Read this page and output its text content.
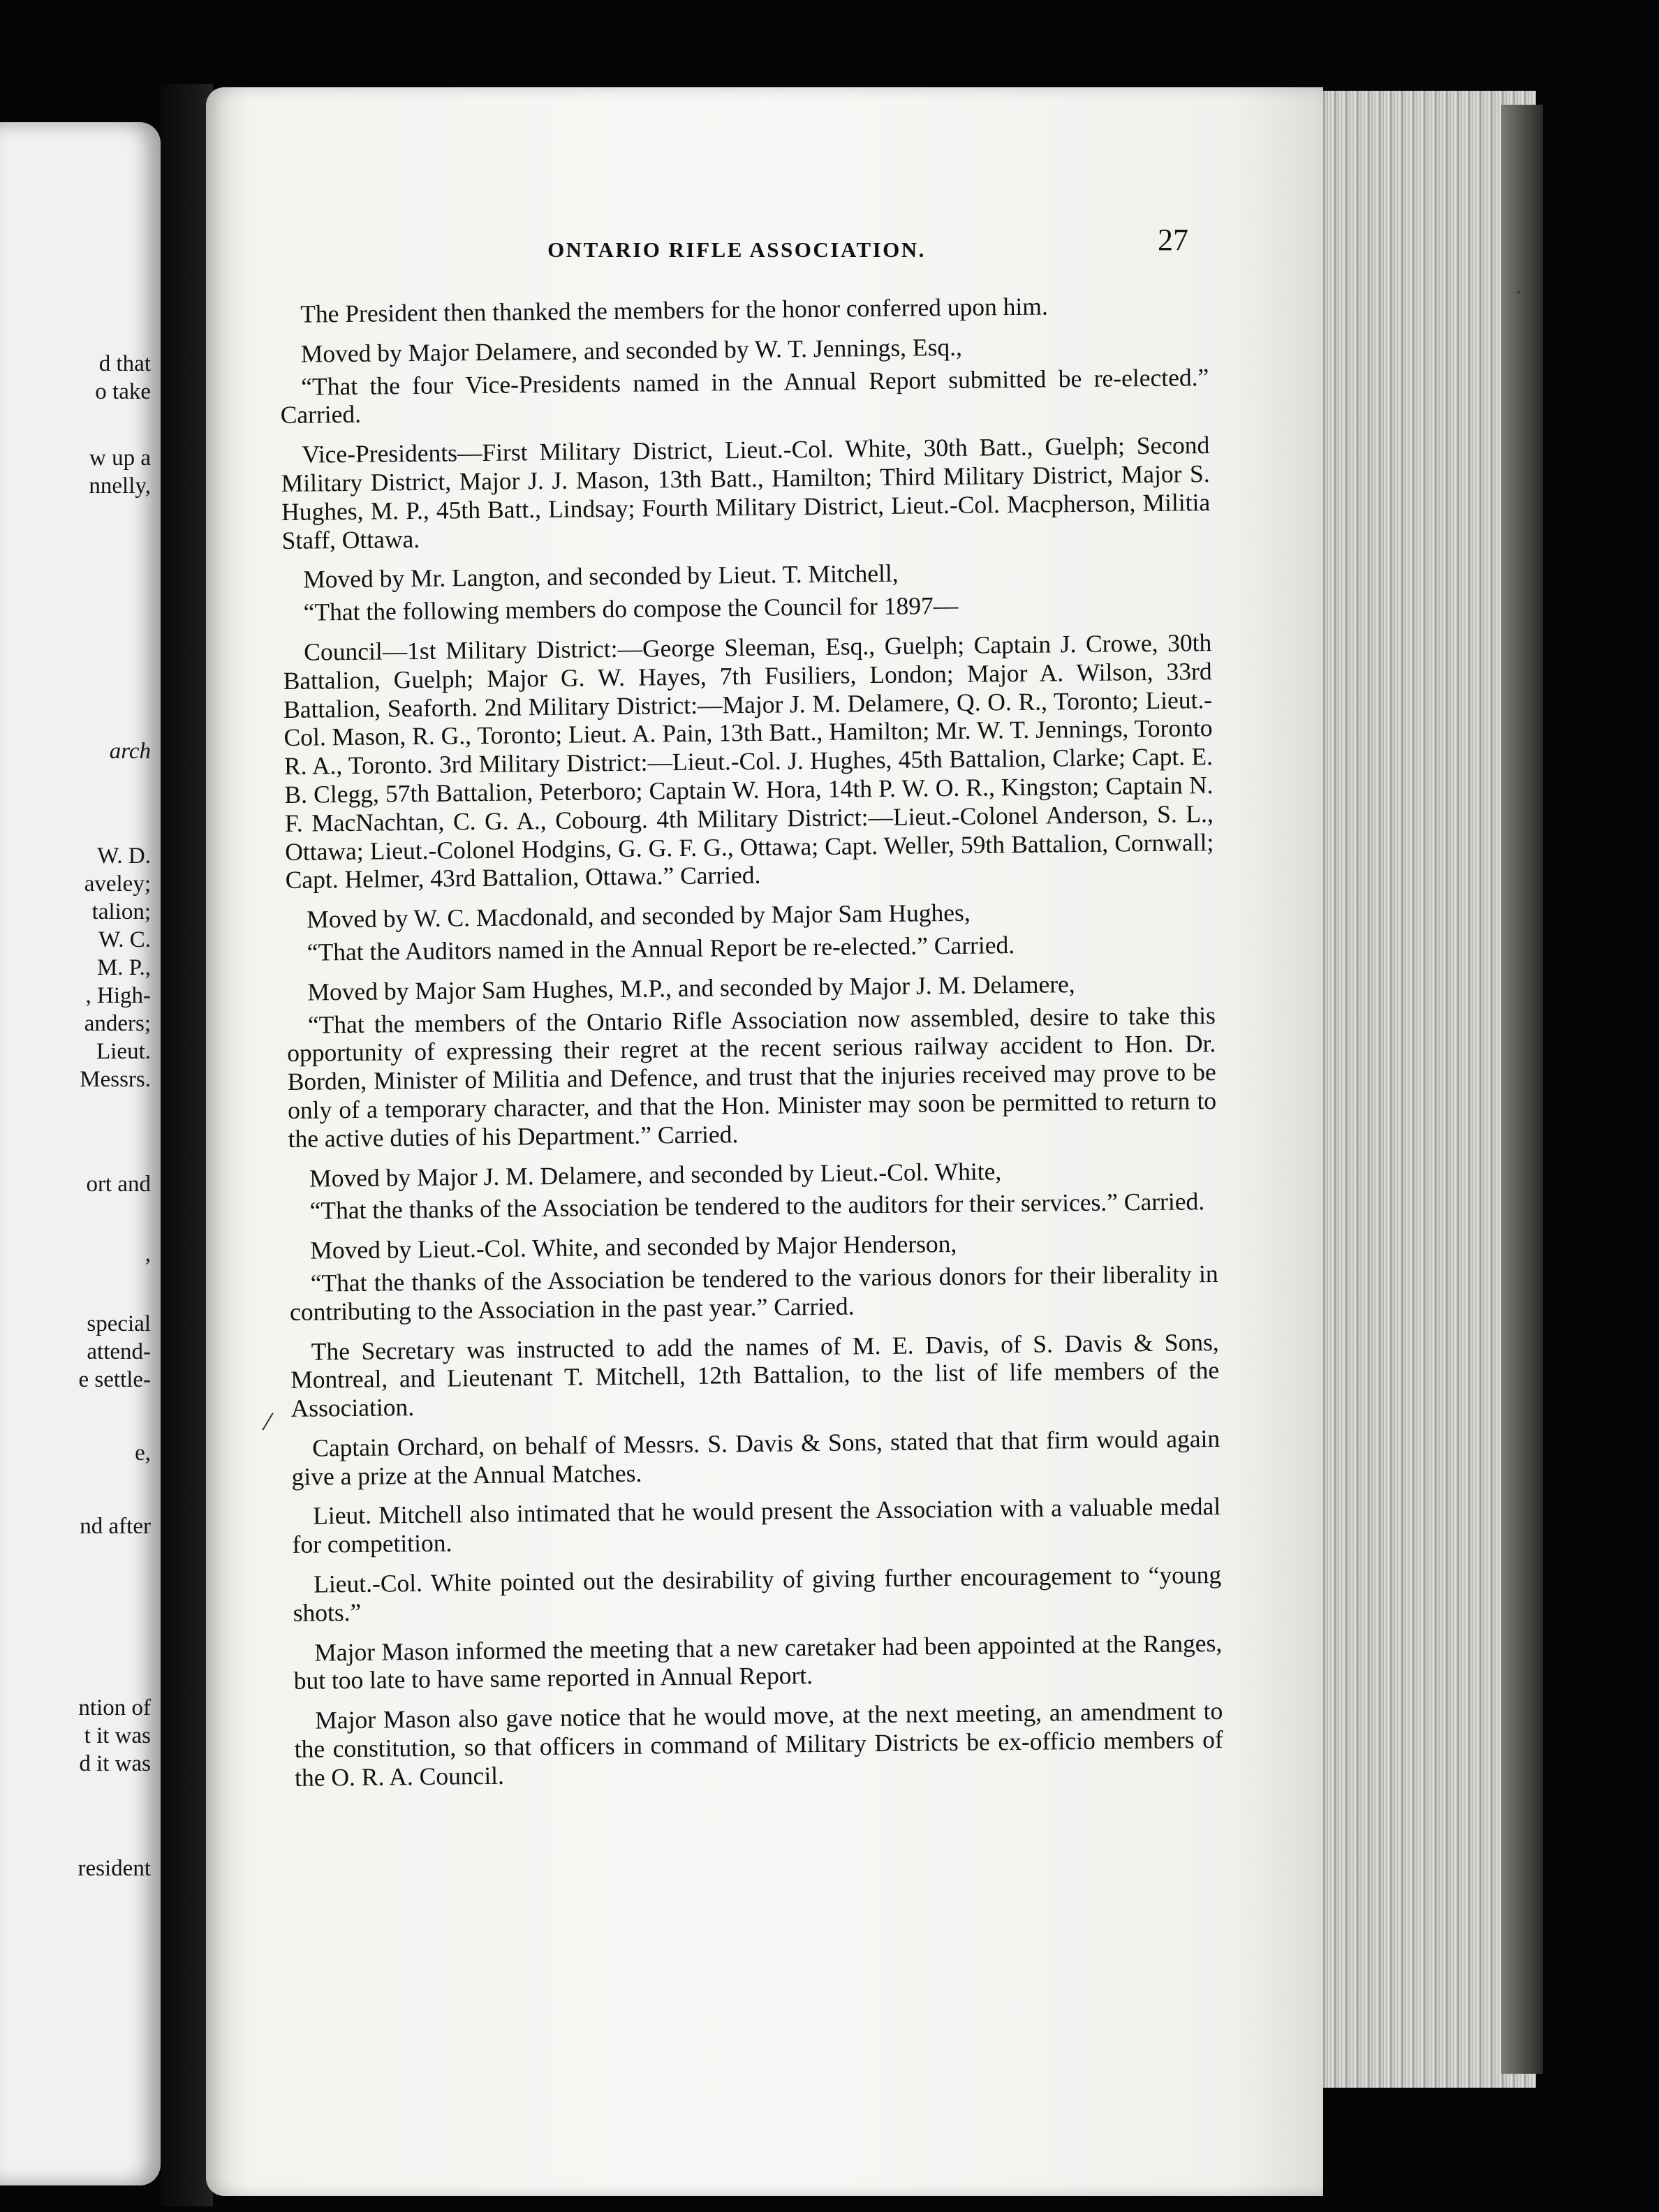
d that
o take
w up a
nnelly,
arch
W. D.
aveley;
talion;
W. C.
M. P.,
, High-
anders;
Lieut.
Messrs.
ort and
,
special
attend-
e settle-
e,
nd after
ntion of
t it was
d it was
resident
ONTARIO RIFLE ASSOCIATION.	27

The President then thanked the members for the honor conferred upon him.

Moved by Major Delamere, and seconded by W. T. Jennings, Esq.,

“That the four Vice-Presidents named in the Annual Report submitted be re-elected.” Carried.

Vice-Presidents—First Military District, Lieut.-Col. White, 30th Batt., Guelph; Second Military District, Major J. J. Mason, 13th Batt., Hamilton; Third Military District, Major S. Hughes, M. P., 45th Batt., Lindsay; Fourth Military District, Lieut.-Col. Macpherson, Militia Staff, Ottawa.

Moved by Mr. Langton, and seconded by Lieut. T. Mitchell,

“That the following members do compose the Council for 1897—

Council—1st Military District:—George Sleeman, Esq., Guelph; Captain J. Crowe, 30th Battalion, Guelph; Major G. W. Hayes, 7th Fusiliers, London; Major A. Wilson, 33rd Battalion, Seaforth. 2nd Military District:—Major J. M. Delamere, Q. O. R., Toronto; Lieut.-Col. Mason, R. G., Toronto; Lieut. A. Pain, 13th Batt., Hamilton; Mr. W. T. Jennings, Toronto R. A., Toronto. 3rd Military District:—Lieut.-Col. J. Hughes, 45th Battalion, Clarke; Capt. E. B. Clegg, 57th Battalion, Peterboro; Captain W. Hora, 14th P. W. O. R., Kingston; Captain N. F. MacNachtan, C. G. A., Cobourg. 4th Military District:—Lieut.-Colonel Anderson, S. L., Ottawa; Lieut.-Colonel Hodgins, G. G. F. G., Ottawa; Capt. Weller, 59th Battalion, Cornwall; Capt. Helmer, 43rd Battalion, Ottawa.” Carried.

Moved by W. C. Macdonald, and seconded by Major Sam Hughes,

“That the Auditors named in the Annual Report be re-elected.” Carried.

Moved by Major Sam Hughes, M.P., and seconded by Major J. M. Delamere,

“That the members of the Ontario Rifle Association now assembled, desire to take this opportunity of expressing their regret at the recent serious railway accident to Hon. Dr. Borden, Minister of Militia and Defence, and trust that the injuries received may prove to be only of a temporary character, and that the Hon. Minister may soon be permitted to return to the active duties of his Department.” Carried.

Moved by Major J. M. Delamere, and seconded by Lieut.-Col. White,

“That the thanks of the Association be tendered to the auditors for their services.” Carried.

Moved by Lieut.-Col. White, and seconded by Major Henderson,

“That the thanks of the Association be tendered to the various donors for their liberality in contributing to the Association in the past year.” Carried.

The Secretary was instructed to add the names of M. E. Davis, of S. Davis & Sons, Montreal, and Lieutenant T. Mitchell, 12th Battalion, to the list of life members of the Association.

Captain Orchard, on behalf of Messrs. S. Davis & Sons, stated that that firm would again give a prize at the Annual Matches.

Lieut. Mitchell also intimated that he would present the Association with a valuable medal for competition.

Lieut.-Col. White pointed out the desirability of giving further encouragement to “young shots.”

Major Mason informed the meeting that a new caretaker had been appointed at the Ranges, but too late to have same reported in Annual Report.

Major Mason also gave notice that he would move, at the next meeting, an amendment to the constitution, so that officers in command of Military Districts be ex-officio members of the O. R. A. Council.

/
·
